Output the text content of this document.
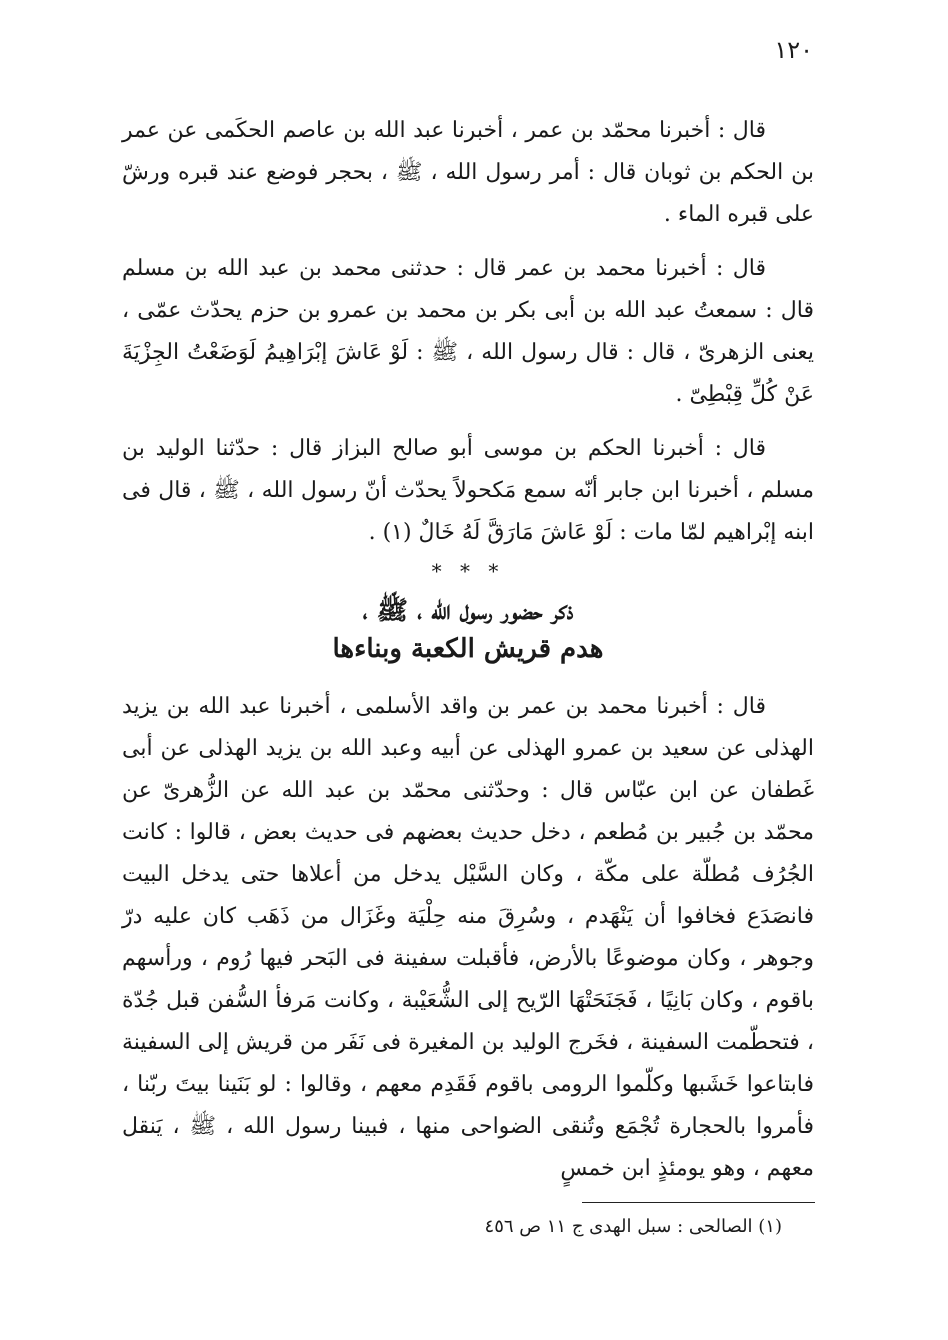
١٢٠

قال : أخبرنا محمّد بن عمر ، أخبرنا عبد الله بن عاصم الحكَمى عن عمر بن الحكم بن ثوبان قال : أمر رسول الله ، ﷺ ، بحجر فوضع عند قبره ورشّ على قبره الماء .

قال : أخبرنا محمد بن عمر قال : حدثنى محمد بن عبد الله بن مسلم قال : سمعتُ عبد الله بن أبى بكر بن محمد بن عمرو بن حزم يحدّث عمّى ، يعنى الزهرىّ ، قال : قال رسول الله ، ﷺ : لَوْ عَاشَ إبْرَاهِيمُ لَوَضَعْتُ الجِزْيَةَ عَنْ كُلِّ قِبْطِىّ .

قال : أخبرنا الحكم بن موسى أبو صالح البزاز قال : حدّثنا الوليد بن مسلم ، أخبرنا ابن جابر أنّه سمع مَكحولاً يحدّث أنّ رسول الله ، ﷺ ، قال فى ابنه إبْراهيم لمّا مات : لَوْ عَاشَ مَارَقَّ لَهُ خَالٌ (١) .

* * *

ذكر حضور رسول الله ، ﷺ ،

هدم قريش الكعبة وبناءها

قال : أخبرنا محمد بن عمر بن واقد الأسلمى ، أخبرنا عبد الله بن يزيد الهذلى عن سعيد بن عمرو الهذلى عن أبيه وعبد الله بن يزيد الهذلى عن أبى غَطفان عن ابن عبّاس قال : وحدّثنى محمّد بن عبد الله عن الزُّهرىّ عن محمّد بن جُبير بن مُطعم ، دخل حديث بعضهم فى حديث بعض ، قالوا : كانت الجُرُف مُطلّة على مكّة ، وكان السَّيْل يدخل من أعلاها حتى يدخل البيت فانصَدَع فخافوا أن يَنْهَدم ، وسُرِقَ منه حِلْيَة وغَزَال من ذَهَب كان عليه درّ وجوهر ، وكان موضوعًا بالأرض، فأقبلت سفينة فى البَحر فيها رُوم ، ورأسهم باقوم ، وكان بَانِيًا ، فَجَنَحَتْهَا الرّيح إلى الشُّعَيْبة ، وكانت مَرفأ السُّفن قبل جُدّة ، فتحطّمت السفينة ، فخَرج الوليد بن المغيرة فى نَفَر من قريش إلى السفينة فابتاعوا خَشَبها وكلّموا الرومى باقوم فَقَدِم معهم ، وقالوا : لو بَنَينا بيتَ ربّنا ، فأمروا بالحجارة تُجْمَع وتُنقى الضواحى منها ، فبينا رسول الله ، ﷺ ، يَنقل معهم ، وهو يومئذٍ ابن خمسٍ

(١) الصالحى : سبل الهدى ج ١١ ص ٤٥٦
